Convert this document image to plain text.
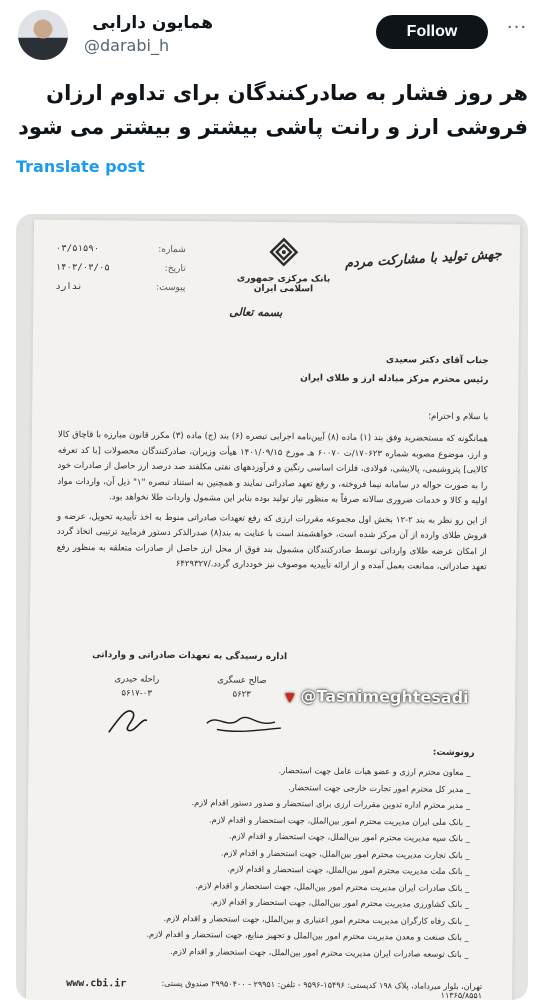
همایون دارابی
@darabi_h
Follow	···
هر روز فشار به صادرکنندگان برای تداوم ارزان فروشی ارز و رانت پاشی بیشتر و بیشتر می شود
Translate post
شماره:
۰۳/۵۱۵۹۰
تاریخ:
۱۴۰۳/۰۳/۰۵
پیوست:
ندارد
بانک مرکزی جمهوری اسلامی ایران
جهش تولید با مشارکت مردم
بسمه تعالی
جناب آقای دکتر سعیدی
رئیس محترم مرکز مبادله ارز و طلای ایران
با سلام و احترام؛

همانگونه که مستحضرید وفق بند (۱) ماده (۸) آیین‌نامه اجرایی تبصره (۶) بند (ج) ماده (۳) مکرر قانون مبارزه با قاچاق کالا و ارز، موضوع مصوبه شماره ۱۷۰۶۲۳/ت ۶۰۰۷۰ هـ مورخ ۱۴۰۱/۰۹/۱۵ هیأت وزیران، صادرکنندگان محصولات [با کد تعرفه کالایی] پتروشیمی، پالایشی، فولادی، فلزات اساسی رنگین و فرآوردههای نفتی مکلفند صد درصد ارز حاصل از صادرات خود را به صورت حواله در سامانه نیما فروخته، و رفع تعهد صادراتی نمایند و همچنین به استناد تبصره "۱" ذیل آن، واردات مواد اولیه و کالا و خدمات ضروری سالانه صرفاً به منظور نیاز تولید بوده بنابر این مشمول واردات طلا نخواهد بود.

از این رو نظر به بند ۲-۱۲ بخش اول مجموعه مقررات ارزی که رفع تعهدات صادراتی منوط به اخذ تأییدیه تحویل، عرضه و فروش طلای وارده از آن مرکز شده است، خواهشمند است با عنایت به بند(۸) صدرالذکر دستور فرمایید ترتیبی اتخاذ گردد از امکان عرضه طلای وارداتی توسط صادرکنندگان مشمول بند فوق از محل ارز حاصل از صادرات متعلقه به منظور رفع تعهد صادراتی، ممانعت بعمل آمده و از ارائه تأییدیه موصوف نیز خودداری گردد./۶۴۲۹۳۲۷

اداره رسیدگی به تعهدات صادراتی و وارداتی
صالح عسگری
۵۶۲۳
راحله حیدری
۵۶۱۷-۰۳	▼ @Tasnimeghtesadi
رونوشت:
_ معاون محترم ارزی و عضو هیات عامل جهت استحضار.
_ مدیر کل محترم امور تجارت خارجی جهت استحضار.
_ مدیر محترم اداره تدوین مقررات ارزی برای استحضار و صدور دستور اقدام لازم.
_ بانک ملی ایران مدیریت محترم امور بین‌الملل، جهت استحضار و اقدام لازم.
_ بانک سپه مدیریت محترم امور بین‌الملل، جهت استحضار و اقدام لازم.
_ بانک تجارت مدیریت محترم امور بین‌الملل، جهت استحضار و اقدام لازم.
_ بانک ملت مدیریت محترم امور بین‌الملل، جهت استحضار و اقدام لازم.
_ بانک صادرات ایران مدیریت محترم امور بین‌الملل، جهت استحضار و اقدام لازم.
_ بانک کشاورزی مدیریت محترم امور بین‌الملل، جهت استحضار و اقدام لازم.
_ بانک رفاه کارگران مدیریت محترم امور اعتباری و بین‌الملل، جهت استحضار و اقدام لازم.
_ بانک صنعت و معدن مدیریت محترم امور بین‌الملل و تجهیز منابع، جهت استحضار و اقدام لازم.
_ بانک توسعه صادرات ایران مدیریت محترم امور بین‌الملل، جهت استحضار و اقدام لازم.
تهران، بلوار میرداماد، پلاک ۱۹۸ کدپستی: ۱۵۴۹۶-۹۵۹۶ - تلفن: ۲۹۹۵۱ - ۲۹۹۵۰۴۰۰ صندوق پستی: ۱۱۳۶۵/۸۵۵۱
www.cbi.ir
